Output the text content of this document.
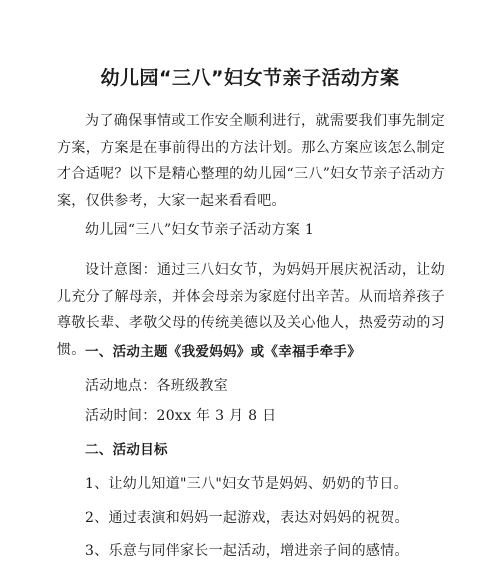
幼儿园“三八”妇女节亲子活动方案

为了确保事情或工作安全顺利进行，就需要我们事先制定方案，方案是在事前得出的方法计划。那么方案应该怎么制定才合适呢？以下是精心整理的幼儿园“三八”妇女节亲子活动方案，仅供参考，大家一起来看看吧。

幼儿园“三八”妇女节亲子活动方案 1

设计意图：通过三八妇女节，为妈妈开展庆祝活动，让幼儿充分了解母亲，并体会母亲为家庭付出辛苦。从而培养孩子尊敬长辈、孝敬父母的传统美德以及关心他人，热爱劳动的习惯。 一、活动主题《我爱妈妈》或《幸福手牵手》

活动地点：各班级教室

活动时间：20xx 年 3 月 8 日

二、活动目标

1、让幼儿知道"三八"妇女节是妈妈、奶奶的节日。

2、通过表演和妈妈一起游戏，表达对妈妈的祝贺。

3、乐意与同伴家长一起活动，增进亲子间的感情。
